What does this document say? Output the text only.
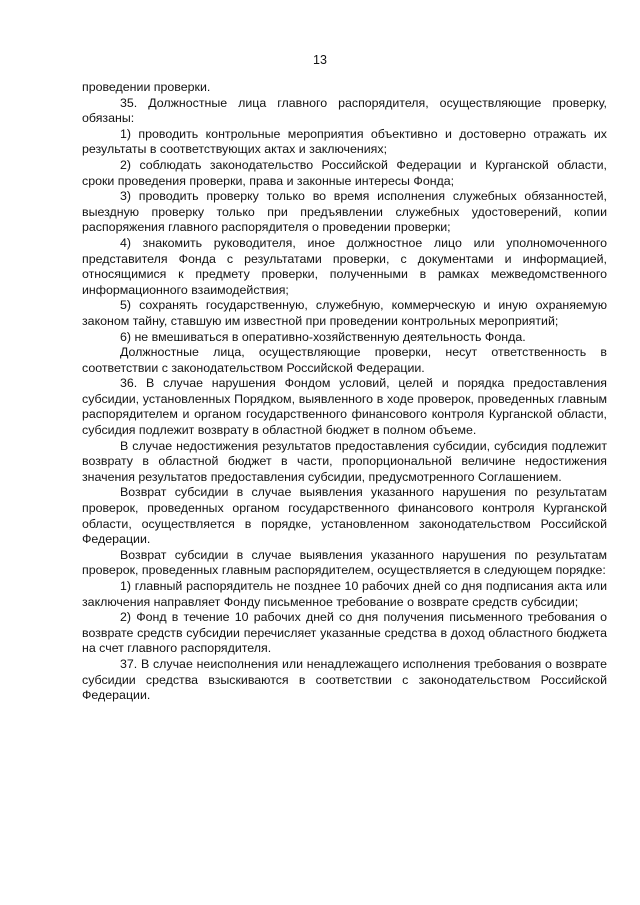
13

проведении проверки.

35. Должностные лица главного распорядителя, осуществляющие проверку, обязаны:

1) проводить контрольные мероприятия объективно и достоверно отражать их результаты в соответствующих актах и заключениях;

2) соблюдать законодательство Российской Федерации и Курганской области, сроки проведения проверки, права и законные интересы Фонда;

3) проводить проверку только во время исполнения служебных обязанностей, выездную проверку только при предъявлении служебных удостоверений, копии распоряжения главного распорядителя о проведении проверки;

4) знакомить руководителя, иное должностное лицо или уполномоченного представителя Фонда с результатами проверки, с документами и информацией, относящимися к предмету проверки, полученными в рамках межведомственного информационного взаимодействия;

5) сохранять государственную, служебную, коммерческую и иную охраняемую законом тайну, ставшую им известной при проведении контрольных мероприятий;

6) не вмешиваться в оперативно-хозяйственную деятельность Фонда.

Должностные лица, осуществляющие проверки, несут ответственность в соответствии с законодательством Российской Федерации.

36. В случае нарушения Фондом условий, целей и порядка предоставления субсидии, установленных Порядком, выявленного в ходе проверок, проведенных главным распорядителем и органом государственного финансового контроля Курганской области, субсидия подлежит возврату в областной бюджет в полном объеме.

В случае недостижения результатов предоставления субсидии, субсидия подлежит возврату в областной бюджет в части, пропорциональной величине недостижения значения результатов предоставления субсидии, предусмотренного Соглашением.

Возврат субсидии в случае выявления указанного нарушения по результатам проверок, проведенных органом государственного финансового контроля Курганской области, осуществляется в порядке, установленном законодательством Российской Федерации.

Возврат субсидии в случае выявления указанного нарушения по результатам проверок, проведенных главным распорядителем, осуществляется в следующем порядке:

1) главный распорядитель не позднее 10 рабочих дней со дня подписания акта или заключения направляет Фонду письменное требование о возврате средств субсидии;

2) Фонд в течение 10 рабочих дней со дня получения письменного требования о возврате средств субсидии перечисляет указанные средства в доход областного бюджета на счет главного распорядителя.

37. В случае неисполнения или ненадлежащего исполнения требования о возврате субсидии средства взыскиваются в соответствии с законодательством Российской Федерации.
